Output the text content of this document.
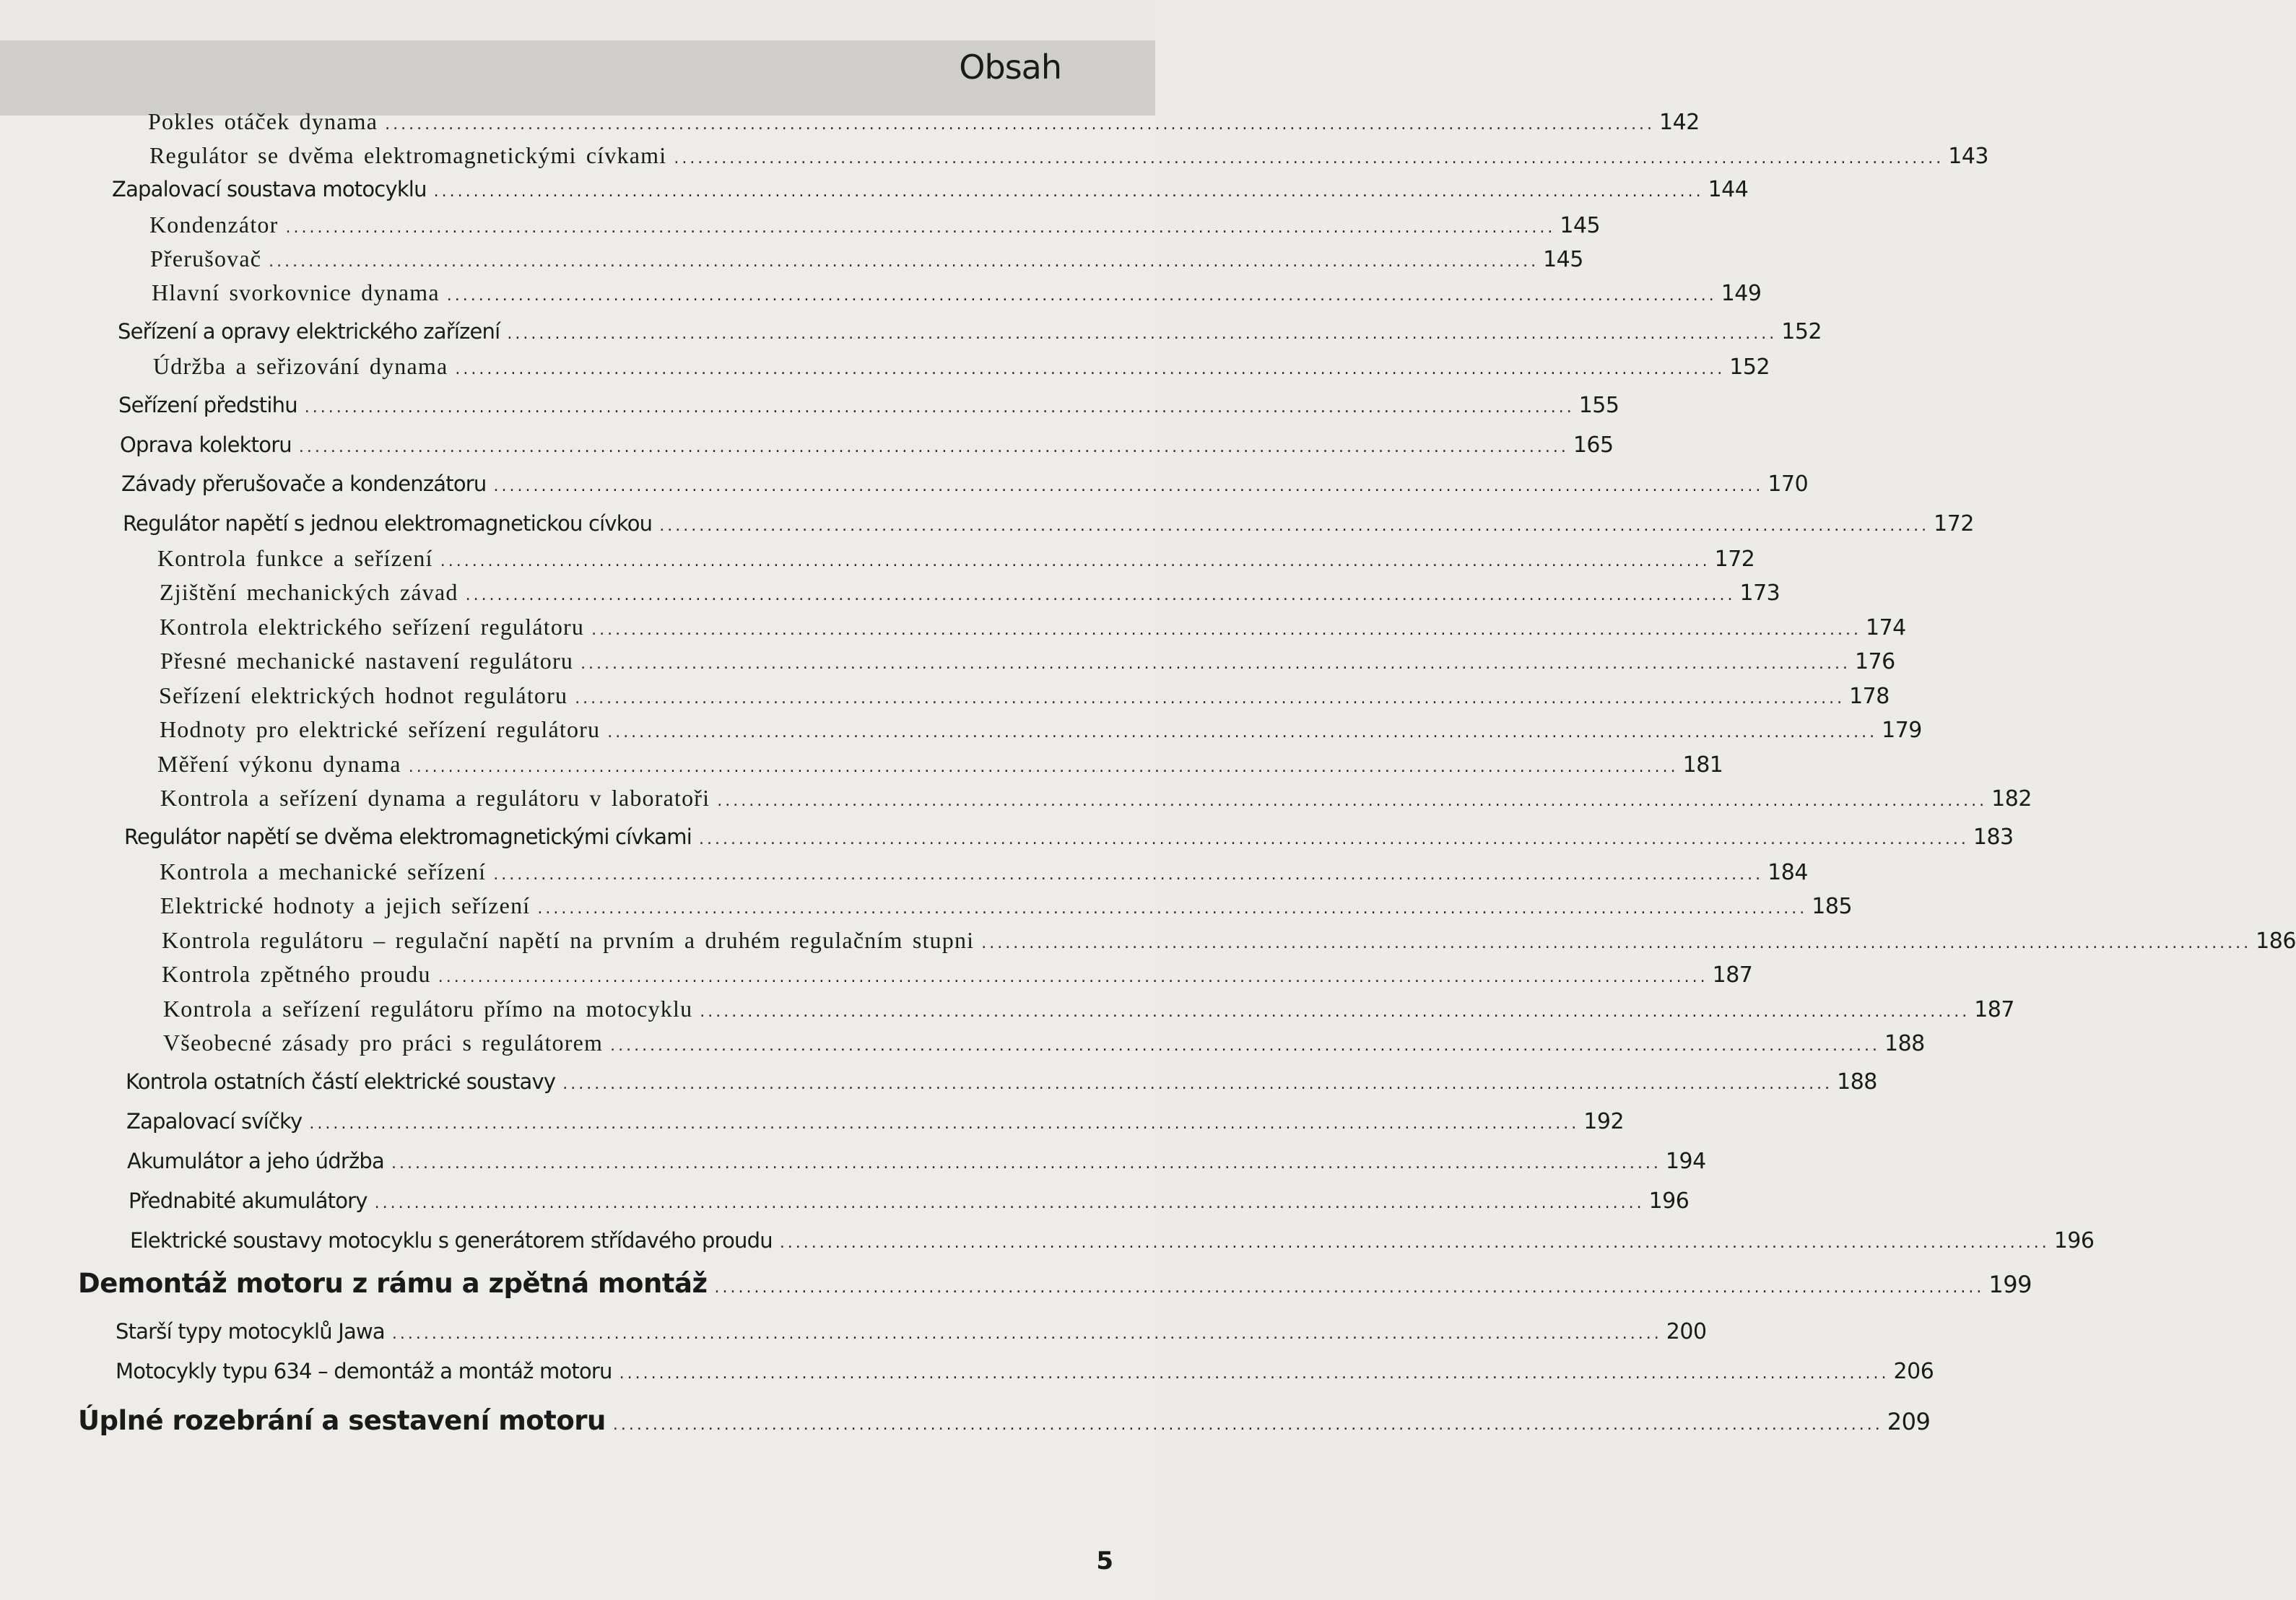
Obsah
Pokles otáček dynama ................................................................................................................................................................ 142
Regulátor se dvěma elektromagnetickými cívkami ................................................................................................................................................................ 143
Zapalovací soustava motocyklu ................................................................................................................................................................ 144
Kondenzátor ................................................................................................................................................................ 145
Přerušovač ................................................................................................................................................................ 145
Hlavní svorkovnice dynama ................................................................................................................................................................ 149
Seřízení a opravy elektrického zařízení ................................................................................................................................................................ 152
Údržba a seřizování dynama ................................................................................................................................................................ 152
Seřízení předstihu ................................................................................................................................................................ 155
Oprava kolektoru ................................................................................................................................................................ 165
Závady přerušovače a kondenzátoru ................................................................................................................................................................ 170
Regulátor napětí s jednou elektromagnetickou cívkou ................................................................................................................................................................ 172
Kontrola funkce a seřízení ................................................................................................................................................................ 172
Zjištění mechanických závad ................................................................................................................................................................ 173
Kontrola elektrického seřízení regulátoru ................................................................................................................................................................ 174
Přesné mechanické nastavení regulátoru ................................................................................................................................................................ 176
Seřízení elektrických hodnot regulátoru ................................................................................................................................................................ 178
Hodnoty pro elektrické seřízení regulátoru ................................................................................................................................................................ 179
Měření výkonu dynama ................................................................................................................................................................ 181
Kontrola a seřízení dynama a regulátoru v laboratoři ................................................................................................................................................................ 182
Regulátor napětí se dvěma elektromagnetickými cívkami ................................................................................................................................................................ 183
Kontrola a mechanické seřízení ................................................................................................................................................................ 184
Elektrické hodnoty a jejich seřízení ................................................................................................................................................................ 185
Kontrola regulátoru – regulační napětí na prvním a druhém regulačním stupni ................................................................................................................................................................ 186
Kontrola zpětného proudu ................................................................................................................................................................ 187
Kontrola a seřízení regulátoru přímo na motocyklu ................................................................................................................................................................ 187
Všeobecné zásady pro práci s regulátorem ................................................................................................................................................................ 188
Kontrola ostatních částí elektrické soustavy ................................................................................................................................................................ 188
Zapalovací svíčky ................................................................................................................................................................ 192
Akumulátor a jeho údržba ................................................................................................................................................................ 194
Přednabité akumulátory ................................................................................................................................................................ 196
Elektrické soustavy motocyklu s generátorem střídavého proudu ................................................................................................................................................................ 196
Demontáž motoru z rámu a zpětná montáž ................................................................................................................................................................ 199
Starší typy motocyklů Jawa ................................................................................................................................................................ 200
Motocykly typu 634 – demontáž a montáž motoru ................................................................................................................................................................ 206
Úplné rozebrání a sestavení motoru ................................................................................................................................................................ 209
5
